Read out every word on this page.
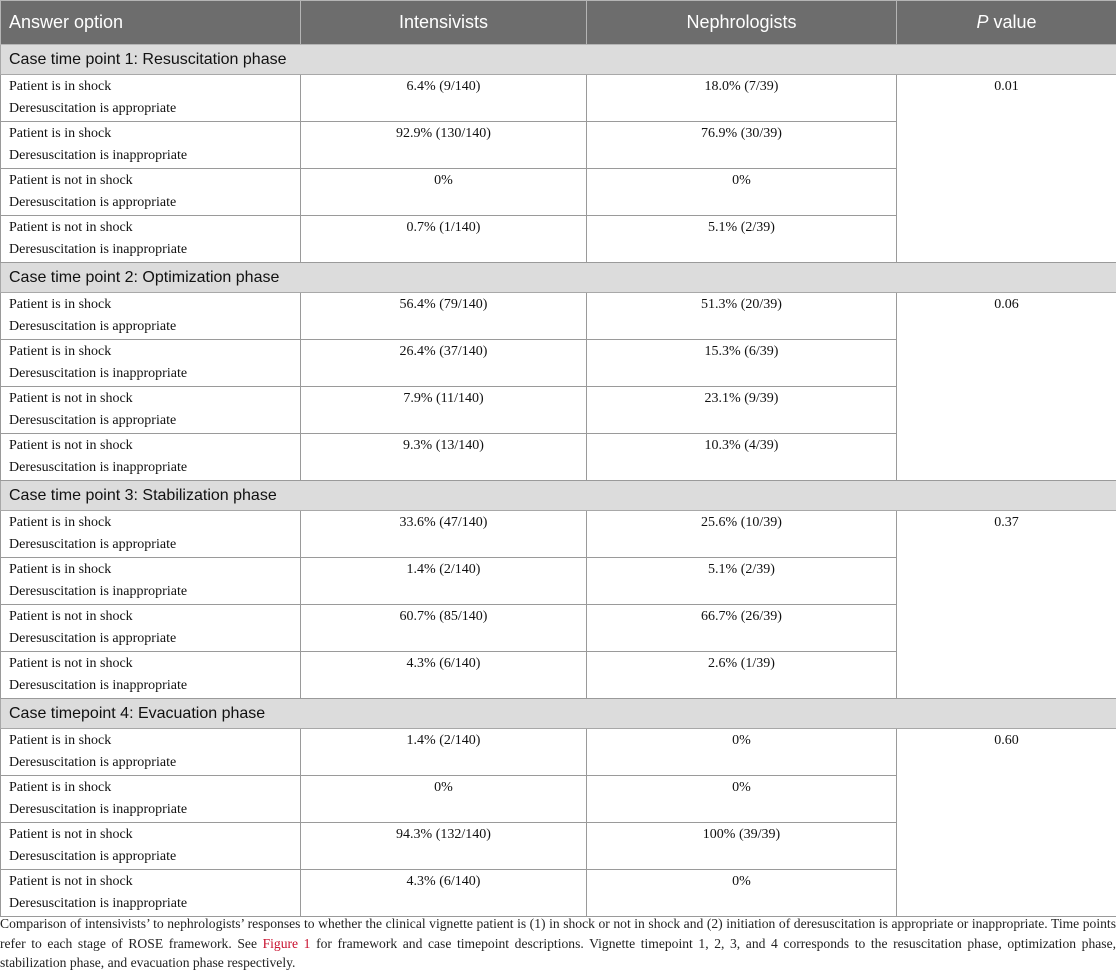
Answer option	Intensivists	Nephrologists	P value
Case time point 1: Resuscitation phase			

Patient is in shock
Deresuscitation is appropriate	6.4% (9/140)	18.0% (7/39)	0.01

Patient is in shock
Deresuscitation is inappropriate	92.9% (130/140)	76.9% (30/39)	

Patient is not in shock
Deresuscitation is appropriate	0%	0%	

Patient is not in shock
Deresuscitation is inappropriate	0.7% (1/140)	5.1% (2/39)	
Case time point 2: Optimization phase			

Patient is in shock
Deresuscitation is appropriate	56.4% (79/140)	51.3% (20/39)	0.06

Patient is in shock
Deresuscitation is inappropriate	26.4% (37/140)	15.3% (6/39)	

Patient is not in shock
Deresuscitation is appropriate	7.9% (11/140)	23.1% (9/39)	

Patient is not in shock
Deresuscitation is inappropriate	9.3% (13/140)	10.3% (4/39)	
Case time point 3: Stabilization phase			

Patient is in shock
Deresuscitation is appropriate	33.6% (47/140)	25.6% (10/39)	0.37

Patient is in shock
Deresuscitation is inappropriate	1.4% (2/140)	5.1% (2/39)	

Patient is not in shock
Deresuscitation is appropriate	60.7% (85/140)	66.7% (26/39)	

Patient is not in shock
Deresuscitation is inappropriate	4.3% (6/140)	2.6% (1/39)	
Case timepoint 4: Evacuation phase			

Patient is in shock
Deresuscitation is appropriate	1.4% (2/140)	0%	0.60

Patient is in shock
Deresuscitation is inappropriate	0%	0%	

Patient is not in shock
Deresuscitation is appropriate	94.3% (132/140)	100% (39/39)	

Patient is not in shock
Deresuscitation is inappropriate	4.3% (6/140)	0%	
Comparison of intensivists’ to nephrologists’ responses to whether the clinical vignette patient is (1) in shock or not in shock and (2) initiation of deresuscitation is appropriate or inappropriate. Time points refer to each stage of ROSE framework. See Figure 1 for framework and case timepoint descriptions. Vignette timepoint 1, 2, 3, and 4 corresponds to the resuscitation phase, optimization phase, stabilization phase, and evacuation phase respectively.
